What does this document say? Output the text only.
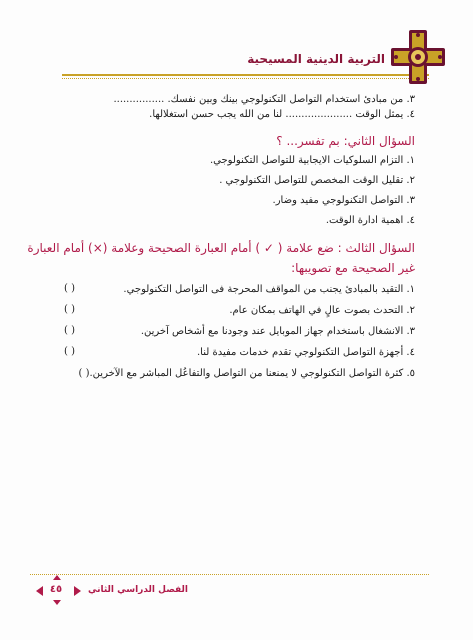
التربية الدينية المسيحية
٣. من مبادئ استخدام التواصل التكنولوجي بينك وبين نفسك. ................
٤. يمثل الوقت ..................... لنا من الله يجب حسن استغلالها.
السؤال الثاني: بم تفسر... ؟
١. التزام السلوكيات الايجابية للتواصل التكنولوجي.
٢. تقليل الوقت المخصص للتواصل التكنولوجي .
٣. التواصل التكنولوجي مفيد وضار.
٤. اهمية ادارة الوقت.
السؤال الثالث : ضع علامة ( ✓ ) أمام العبارة الصحيحة وعلامة (×) أمام العبارة
غير الصحيحة مع تصويبها:
١. التقيد بالمبادئ يجنب من المواقف المحرجة فى التواصل التكنولوجي.
( )
٢. التحدث بصوت عالٍ في الهاتف بمكان عام.
( )
٣. الانشغال باستخدام جهاز الموبايل عند وجودنا مع أشخاص آخرين.
( )
٤. أجهزة التواصل التكنولوجي تقدم خدمات مفيدة لنا.
( )
٥. كثرة التواصل التكنولوجي لا يمنعنا من التواصل والتفاعُل المباشر مع الآخرين.( )
الفصل الدراسي الثاني
٤٥
